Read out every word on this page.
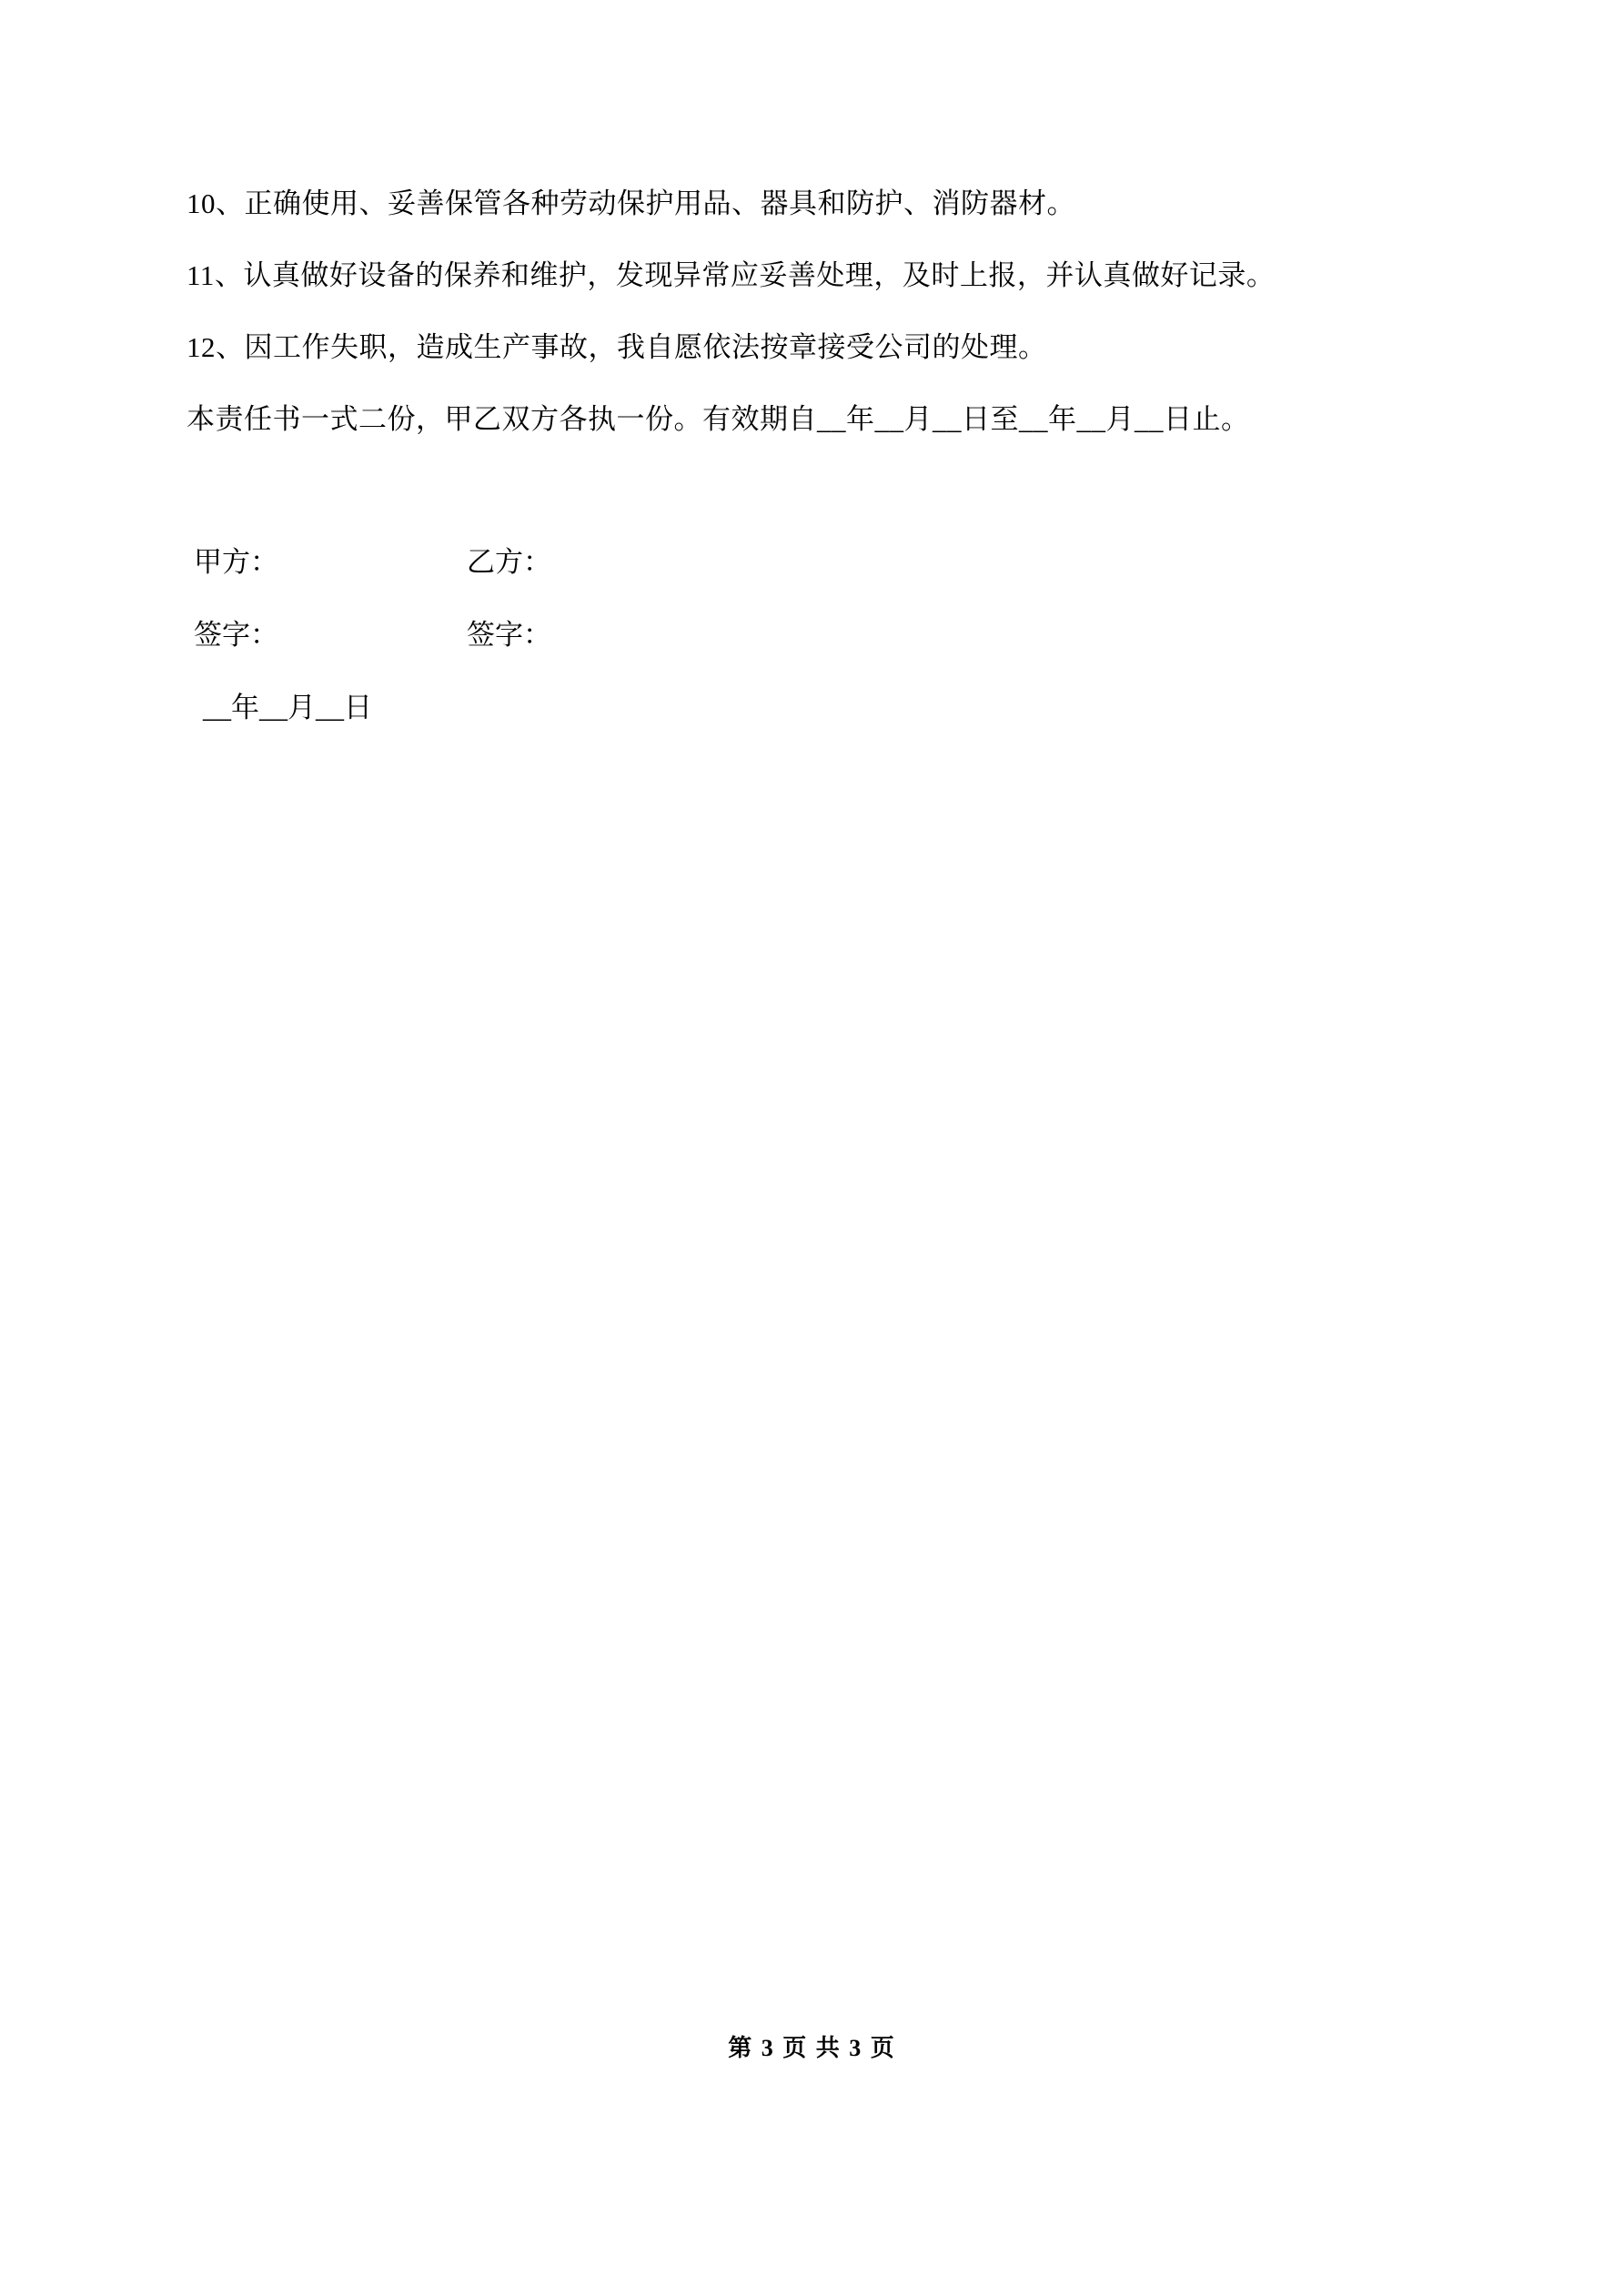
10、正确使用、妥善保管各种劳动保护用品、器具和防护、消防器材。

11、认真做好设备的保养和维护，发现异常应妥善处理，及时上报，并认真做好记录。

12、因工作失职，造成生产事故，我自愿依法按章接受公司的处理。

本责任书一式二份，甲乙双方各执一份。有效期自__年__月__日至__年__月__日止。

甲方：	乙方：
签字：	签字：

__年__月__日

第 3 页 共 3 页
